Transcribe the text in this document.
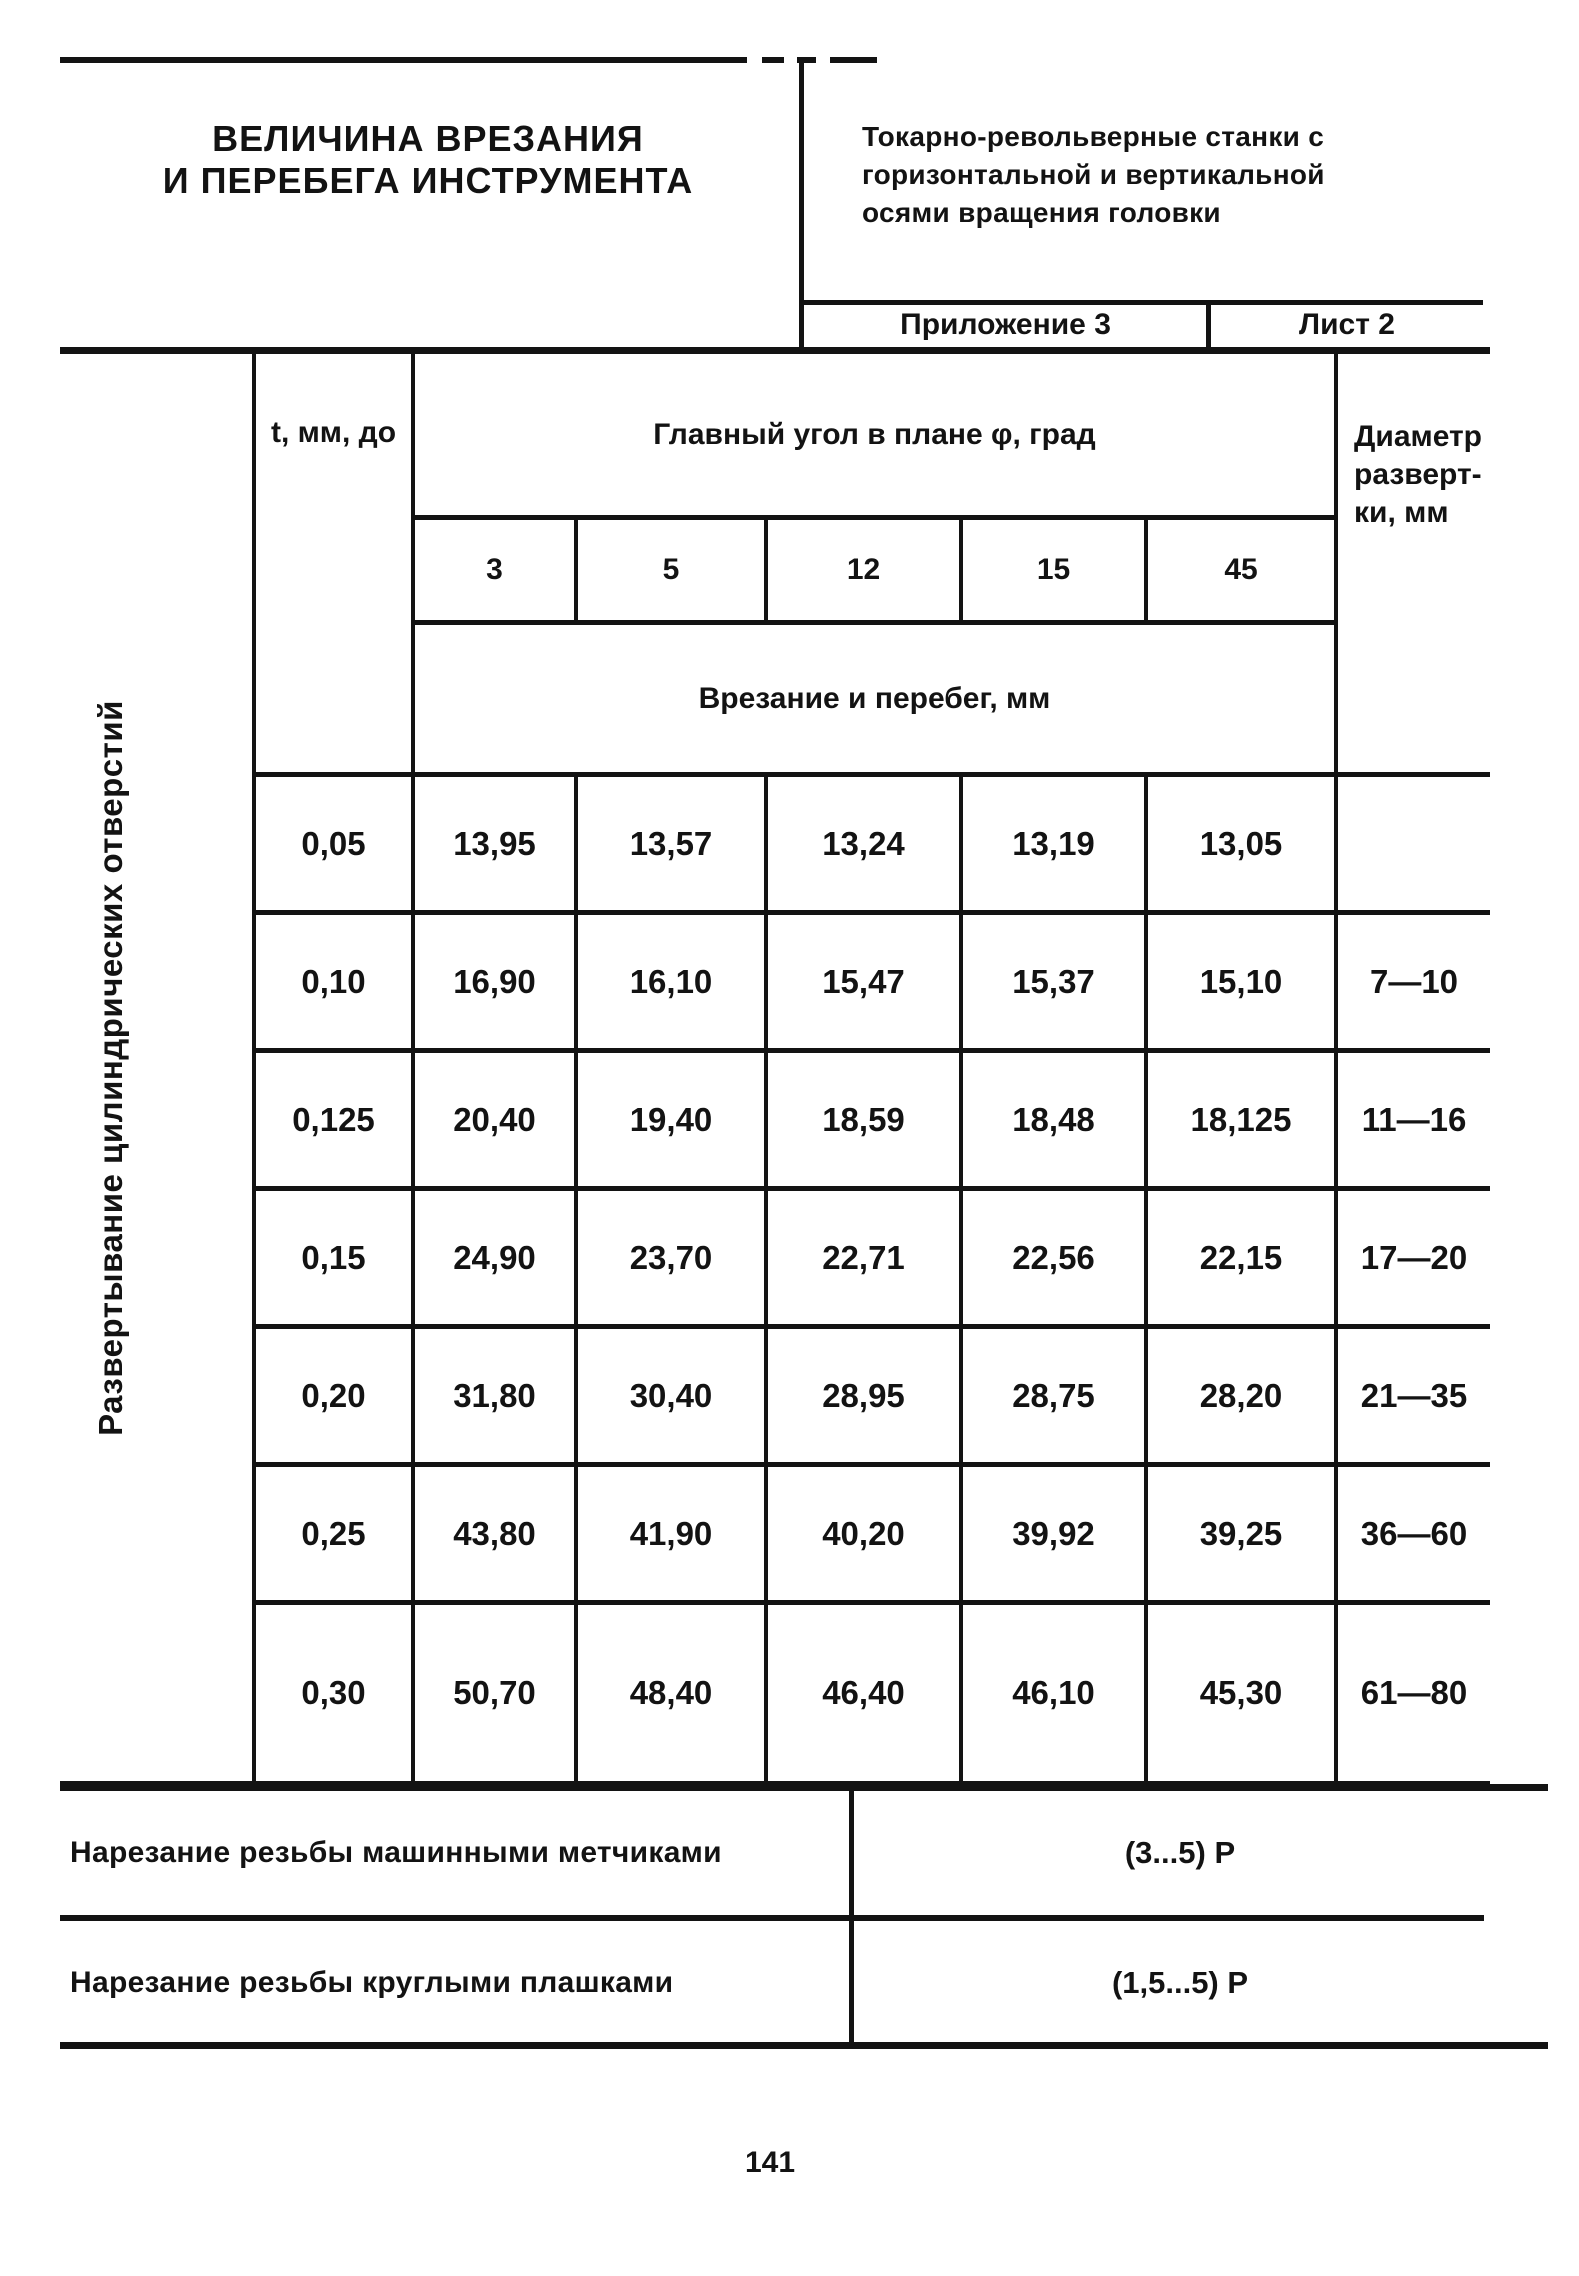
ВЕЛИЧИНА ВРЕЗАНИЯ
И ПЕРЕБЕГА ИНСТРУМЕНТА
Токарно-револьверные станки с
горизонтальной и вертикальной
осями вращения головки
Приложение 3	Лист 2
Развертывание цилиндрических отверстий
t, мм, до	Главный угол в плане φ, град	Диаметр
разверт-
ки, мм
3	5	12	15	45
Врезание и перебег, мм
0,05	13,95	13,57	13,24	13,19	13,05
0,10	16,90	16,10	15,47	15,37	15,10	7—10
0,125	20,40	19,40	18,59	18,48	18,125	11—16
0,15	24,90	23,70	22,71	22,56	22,15	17—20
0,20	31,80	30,40	28,95	28,75	28,20	21—35
0,25	43,80	41,90	40,20	39,92	39,25	36—60
0,30	50,70	48,40	46,40	46,10	45,30	61—80
Нарезание резьбы машинными метчиками	(3...5) Р
Нарезание резьбы круглыми плашками	(1,5...5) Р
141
